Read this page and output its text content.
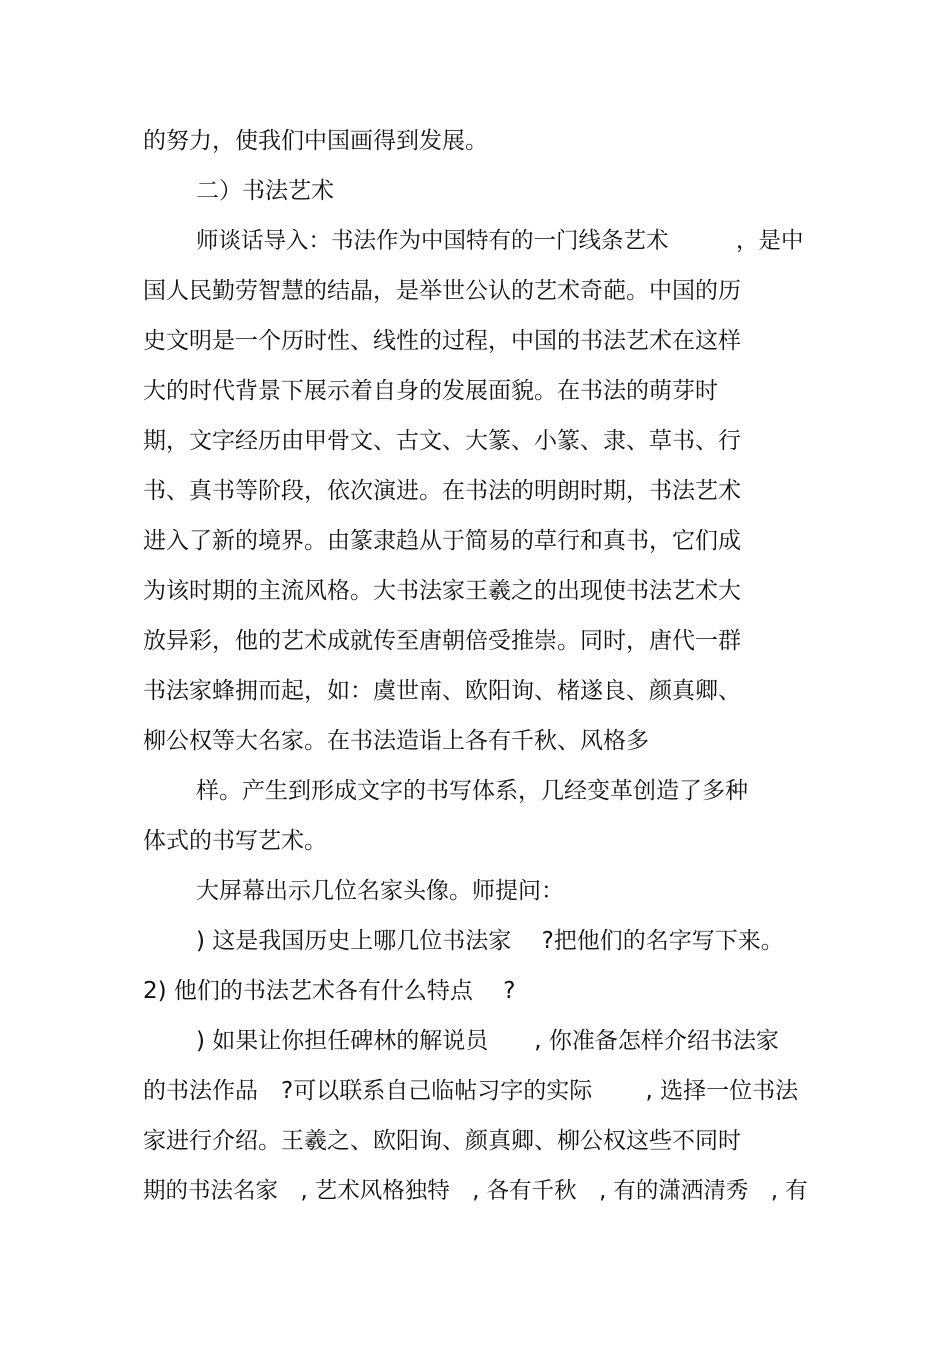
的努力，使我们中国画得到发展。
二）书法艺术
师谈话导入：书法作为中国特有的一门线条艺术　　　，是中
国人民勤劳智慧的结晶，是举世公认的艺术奇葩。中国的历
史文明是一个历时性、线性的过程，中国的书法艺术在这样
大的时代背景下展示着自身的发展面貌。在书法的萌芽时
期，文字经历由甲骨文、古文、大篆、小篆、隶、草书、行
书、真书等阶段，依次演进。在书法的明朗时期，书法艺术
进入了新的境界。由篆隶趋从于简易的草行和真书，它们成
为该时期的主流风格。大书法家王羲之的出现使书法艺术大
放异彩，他的艺术成就传至唐朝倍受推崇。同时，唐代一群
书法家蜂拥而起，如：虞世南、欧阳询、楮遂良、颜真卿、
柳公权等大名家。在书法造诣上各有千秋、风格多
样。产生到形成文字的书写体系，几经变革创造了多种
体式的书写艺术。
大屏幕出示几位名家头像。师提问：
) 这是我国历史上哪几位书法家　 ?把他们的名字写下来。
2) 他们的书法艺术各有什么特点　 ?
) 如果让你担任碑林的解说员　　, 你准备怎样介绍书法家
的书法作品　?可以联系自己临帖习字的实际　　 , 选择一位书法
家进行介绍。王羲之、欧阳询、颜真卿、柳公权这些不同时
期的书法名家　, 艺术风格独特　, 各有千秋　, 有的潇洒清秀　, 有
